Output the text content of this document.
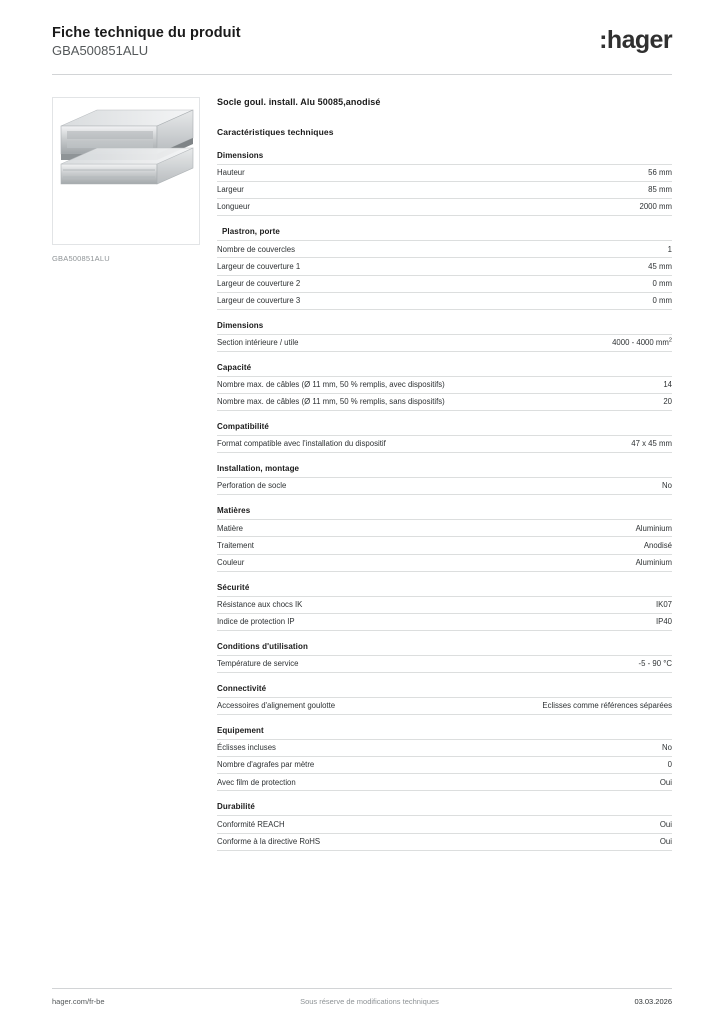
Fiche technique du produit
GBA500851ALU	:hager
GBA500851ALU
Socle goul. install. Alu 50085,anodisé
Caractéristiques techniques
Dimensions
Hauteur	56 mm
Largeur	85 mm
Longueur	2000 mm
Plastron, porte
Nombre de couvercles	1
Largeur de couverture 1	45 mm
Largeur de couverture 2	0 mm
Largeur de couverture 3	0 mm
Dimensions
Section intérieure / utile	4000 - 4000 $mm^2$
Capacité
Nombre max. de câbles (Ø 11 mm, 50 % remplis, avec dispositifs)	14
Nombre max. de câbles (Ø 11 mm, 50 % remplis, sans dispositifs)	20
Compatibilité
Format compatible avec l'installation du dispositif	47 x 45 mm
Installation, montage
Perforation de socle	No
Matières
Matière	Aluminium
Traitement	Anodisé
Couleur	Aluminium
Sécurité
Résistance aux chocs IK	IK07
Indice de protection IP	IP40
Conditions d'utilisation
Température de service	-5 - 90 °C
Connectivité
Accessoires d'alignement goulotte	Eclisses comme références séparées
Equipement
Éclisses incluses	No
Nombre d'agrafes par mètre	0
Avec film de protection	Oui
Durabilité
Conformité REACH	Oui
Conforme à la directive RoHS	Oui
hager.com/fr-be	Sous réserve de modifications techniques	03.03.2026
